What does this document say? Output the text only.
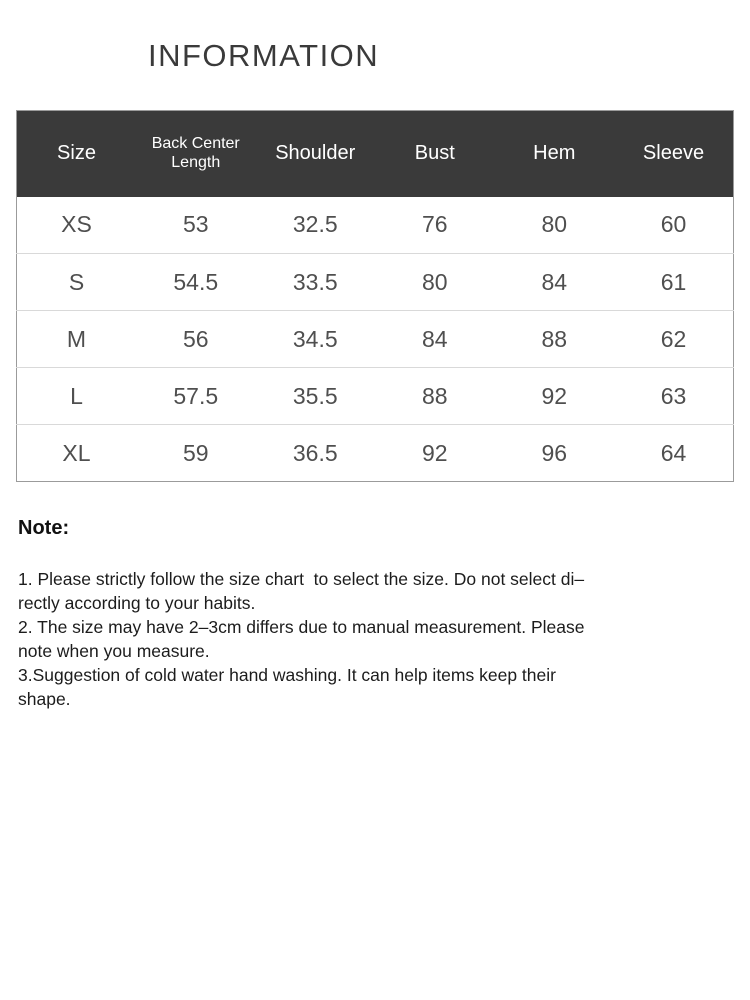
INFORMATION
Size	Back Center Length	Shoulder	Bust	Hem	Sleeve
XS	53	32.5	76	80	60
S	54.5	33.5	80	84	61
M	56	34.5	84	88	62
L	57.5	35.5	88	92	63
XL	59	36.5	92	96	64
Note:
1. Please strictly follow the size chart  to select the size. Do not select di–
rectly according to your habits.
2. The size may have 2–3cm differs due to manual measurement. Please
note when you measure.
3.Suggestion of cold water hand washing. It can help items keep their
shape.
